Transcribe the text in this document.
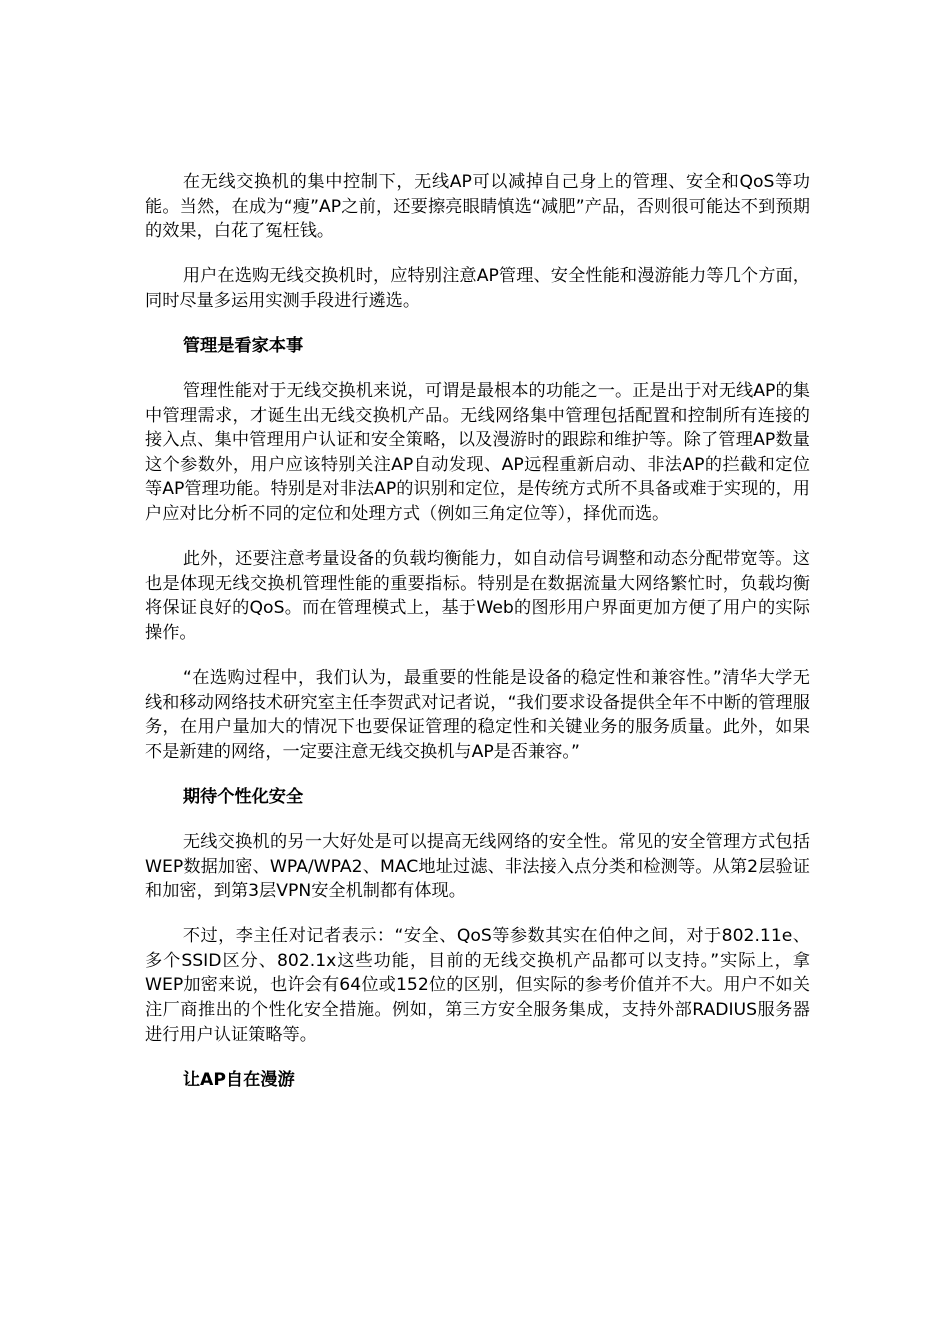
在无线交换机的集中控制下，无线AP可以减掉自己身上的管理、安全和QoS等功能。当然，在成为“瘦”AP之前，还要擦亮眼睛慎选“减肥”产品，否则很可能达不到预期的效果，白花了冤枉钱。

用户在选购无线交换机时，应特别注意AP管理、安全性能和漫游能力等几个方面，同时尽量多运用实测手段进行遴选。

管理是看家本事

管理性能对于无线交换机来说，可谓是最根本的功能之一。正是出于对无线AP的集中管理需求，才诞生出无线交换机产品。无线网络集中管理包括配置和控制所有连接的接入点、集中管理用户认证和安全策略，以及漫游时的跟踪和维护等。除了管理AP数量这个参数外，用户应该特别关注AP自动发现、AP远程重新启动、非法AP的拦截和定位等AP管理功能。特别是对非法AP的识别和定位，是传统方式所不具备或难于实现的，用户应对比分析不同的定位和处理方式（例如三角定位等），择优而选。

此外，还要注意考量设备的负载均衡能力，如自动信号调整和动态分配带宽等。这也是体现无线交换机管理性能的重要指标。特别是在数据流量大网络繁忙时，负载均衡将保证良好的QoS。而在管理模式上，基于Web的图形用户界面更加方便了用户的实际操作。

“在选购过程中，我们认为，最重要的性能是设备的稳定性和兼容性。”清华大学无线和移动网络技术研究室主任李贺武对记者说，“我们要求设备提供全年不中断的管理服务，在用户量加大的情况下也要保证管理的稳定性和关键业务的服务质量。此外，如果不是新建的网络，一定要注意无线交换机与AP是否兼容。”

期待个性化安全

无线交换机的另一大好处是可以提高无线网络的安全性。常见的安全管理方式包括WEP数据加密、WPA/WPA2、MAC地址过滤、非法接入点分类和检测等。从第2层验证和加密，到第3层VPN安全机制都有体现。

不过，李主任对记者表示：“安全、QoS等参数其实在伯仲之间，对于802.11e、多个SSID区分、802.1x这些功能，目前的无线交换机产品都可以支持。”实际上，拿WEP加密来说，也许会有64位或152位的区别，但实际的参考价值并不大。用户不如关注厂商推出的个性化安全措施。例如，第三方安全服务集成，支持外部RADIUS服务器进行用户认证策略等。

让AP自在漫游
